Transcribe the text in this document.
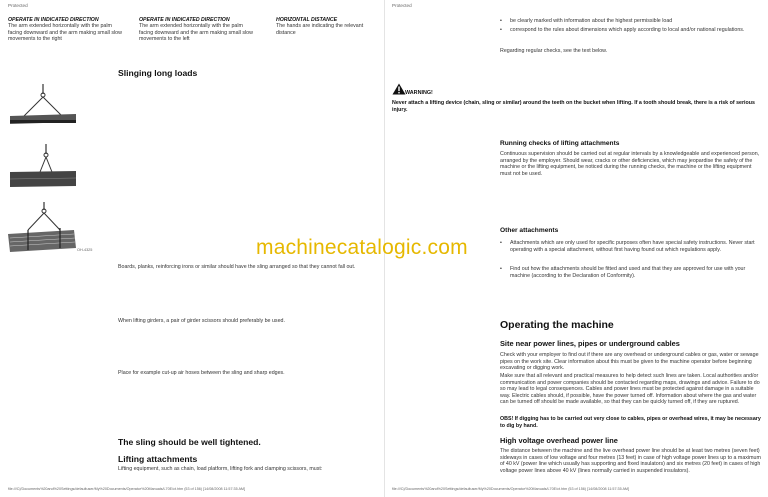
Protected
OPERATE IN INDICATED DIRECTION
The arm extended horizontally with the palm facing downward and the arm making small slow movements to the right
OPERATE IN INDICATED DIRECTION
The arm extended horizontally with the palm facing downward and the arm making small slow movements to the left
HORIZONTAL DISTANCE
The hands are indicating the relevant distance
Slinging long loads
OH-4325
Boards, planks, reinforcing irons or similar should have the sling arranged so that they cannot fall out.
When lifting girders, a pair of girder scissors should preferably be used.
Place for example cut-up air hoses between the sling and sharp edges.
The sling should be well tightened.
Lifting attachments
Lifting equipment, such as chain, load platform, lifting fork and clamping scissors, must:
file:///C|/Documents%20and%20Settings/defaultuser/My%20Documents/Operator%20Manuals/L70E/ct.htm (53 of 156) [14/08/2008 11:57:35 AM]
Protected
• be clearly marked with information about the highest permissible load
• correspond to the rules about dimensions which apply according to local and/or national regulations.
Regarding regular checks, see the text below.
WARNING!
Never attach a lifting device (chain, sling or similar) around the teeth on the bucket when lifting. If a tooth should break, there is a risk of serious injury.
Running checks of lifting attachments
Continuous supervision should be carried out at regular intervals by a knowledgeable and experienced person, arranged by the employer. Should wear, cracks or other deficiencies, which may jeopardise the safety of the machine or the lifting equipment, be noticed during the running checks, the machine or the lifting equipment must not be used.
Other attachments
• Attachments which are only used for specific purposes often have special safety instructions. Never start operating with a special attachment, without first having found out which regulations apply.
• Find out how the attachments should be fitted and used and that they are approved for use with your machine (according to the Declaration of Conformity).
Operating the machine
Site near power lines, pipes or underground cables
Check with your employer to find out if there are any overhead or underground cables or gas, water or sewage pipes on the work site. Clear information about this must be given to the machine operator before beginning excavating or digging work.
Make sure that all relevant and practical measures to help detect such lines are taken. Local authorities and/or communication and power companies should be contacted regarding maps, drawings and advice. Failure to do so may lead to legal consequences. Cables and power lines must be protected against damage in a suitable way. Electric cables should, if possible, have the power turned off. Information about where the gas and water can be turned off should be made available, so that they can be quickly turned off, if they are ruptured.
OBS! If digging has to be carried out very close to cables, pipes or overhead wires, it may be necessary to dig by hand.
High voltage overhead power line
The distance between the machine and the live overhead power line should be at least two metres (seven feet) sideways in cases of low voltage and four metres (13 feet) in case of high voltage power lines up to a maximum of 40 kV (power line which usually has supporting and fixed insulators) and six metres (20 feet) in cases of high voltage power lines above 40 kV (lines normally carried in suspended insulators).
file:///C|/Documents%20and%20Settings/defaultuser/My%20Documents/Operator%20Manuals/L70E/ct.htm (53 of 156) [14/08/2008 11:57:35 AM]
machinecatalogic.com
